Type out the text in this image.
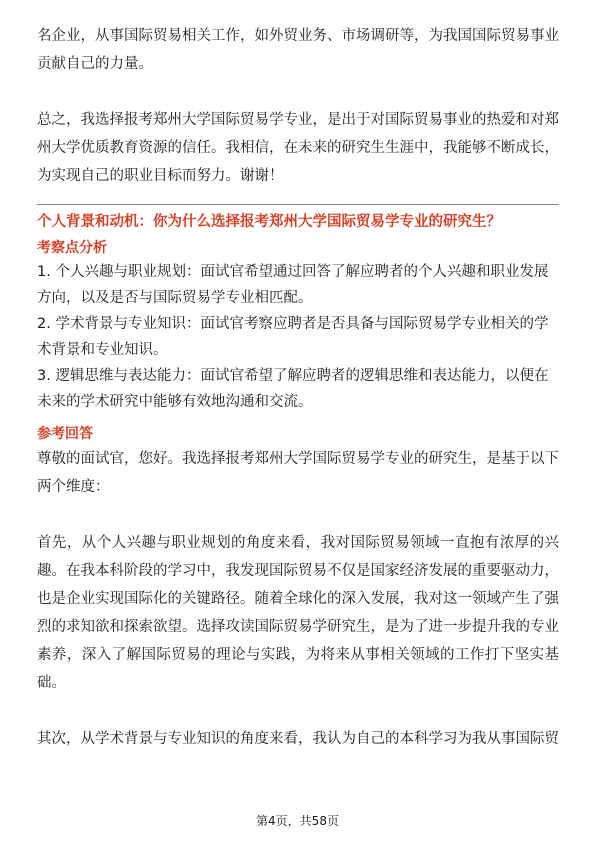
名企业，从事国际贸易相关工作，如外贸业务、市场调研等，为我国国际贸易事业贡献自己的力量。

总之，我选择报考郑州大学国际贸易学专业，是出于对国际贸易事业的热爱和对郑州大学优质教育资源的信任。我相信，在未来的研究生生涯中，我能够不断成长，为实现自己的职业目标而努力。谢谢！

个人背景和动机：你为什么选择报考郑州大学国际贸易学专业的研究生？

考察点分析

1. 个人兴趣与职业规划：面试官希望通过回答了解应聘者的个人兴趣和职业发展方向，以及是否与国际贸易学专业相匹配。

2. 学术背景与专业知识：面试官考察应聘者是否具备与国际贸易学专业相关的学术背景和专业知识。

3. 逻辑思维与表达能力：面试官希望了解应聘者的逻辑思维和表达能力，以便在未来的学术研究中能够有效地沟通和交流。

参考回答

尊敬的面试官，您好。我选择报考郑州大学国际贸易学专业的研究生，是基于以下两个维度：

首先，从个人兴趣与职业规划的角度来看，我对国际贸易领域一直抱有浓厚的兴趣。在我本科阶段的学习中，我发现国际贸易不仅是国家经济发展的重要驱动力，也是企业实现国际化的关键路径。随着全球化的深入发展，我对这一领域产生了强烈的求知欲和探索欲望。选择攻读国际贸易学研究生，是为了进一步提升我的专业素养，深入了解国际贸易的理论与实践，为将来从事相关领域的工作打下坚实基础。

其次，从学术背景与专业知识的角度来看，我认为自己的本科学习为我从事国际贸

第4页，共58页
